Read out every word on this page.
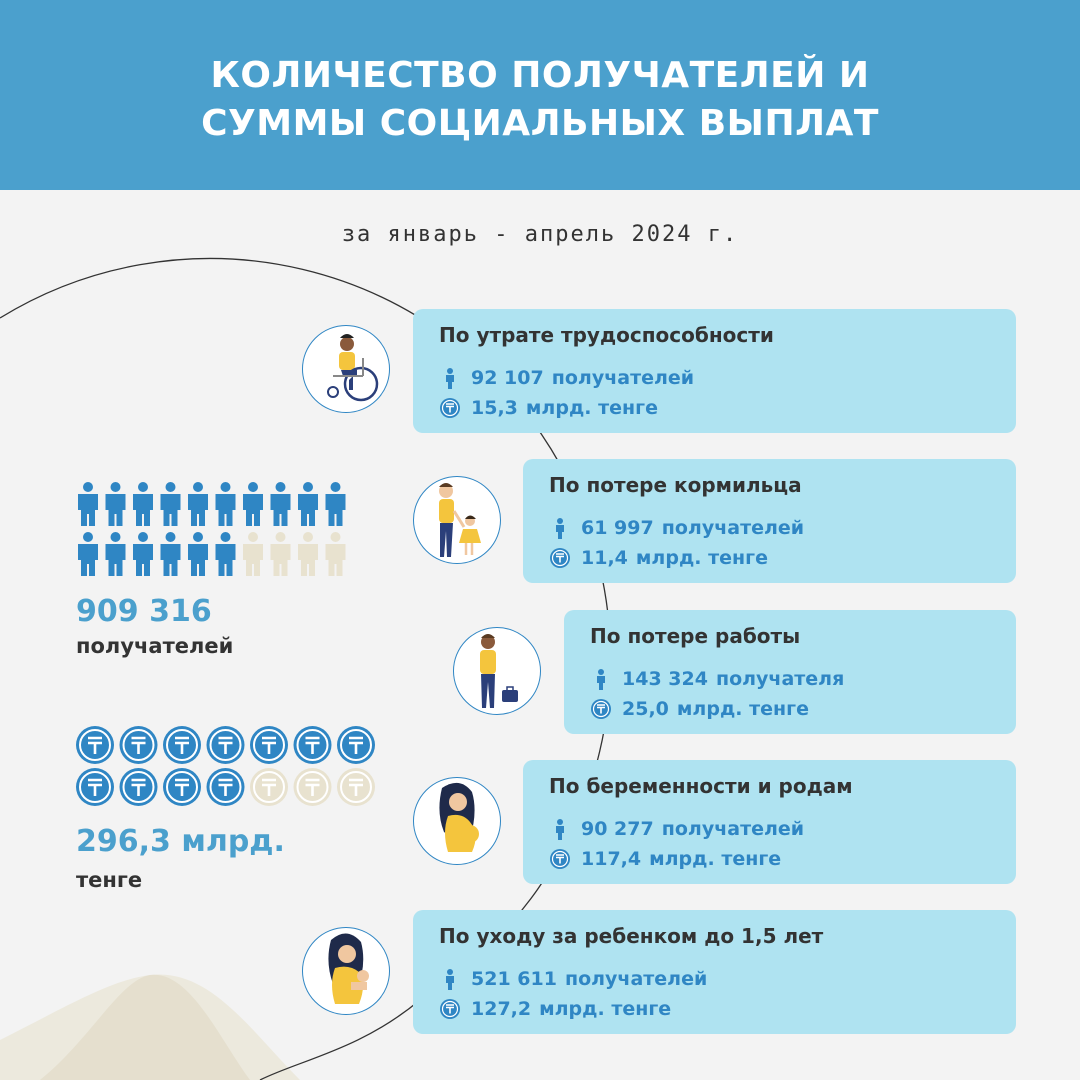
КОЛИЧЕСТВО ПОЛУЧАТЕЛЕЙ И
СУММЫ СОЦИАЛЬНЫХ ВЫПЛАТ
за январь - апрель 2024 г.
По утрате трудоспособности
92 107 получателей
15,3 млрд. тенге
По потере кормильца
61 997 получателей
11,4 млрд. тенге
По потере работы
143 324 получателя
25,0 млрд. тенге
По беременности и родам
90 277 получателей
117,4 млрд. тенге
По уходу за ребенком до 1,5 лет
521 611 получателей
127,2 млрд. тенге
909 316
получателей
296,3 млрд.
тенге
